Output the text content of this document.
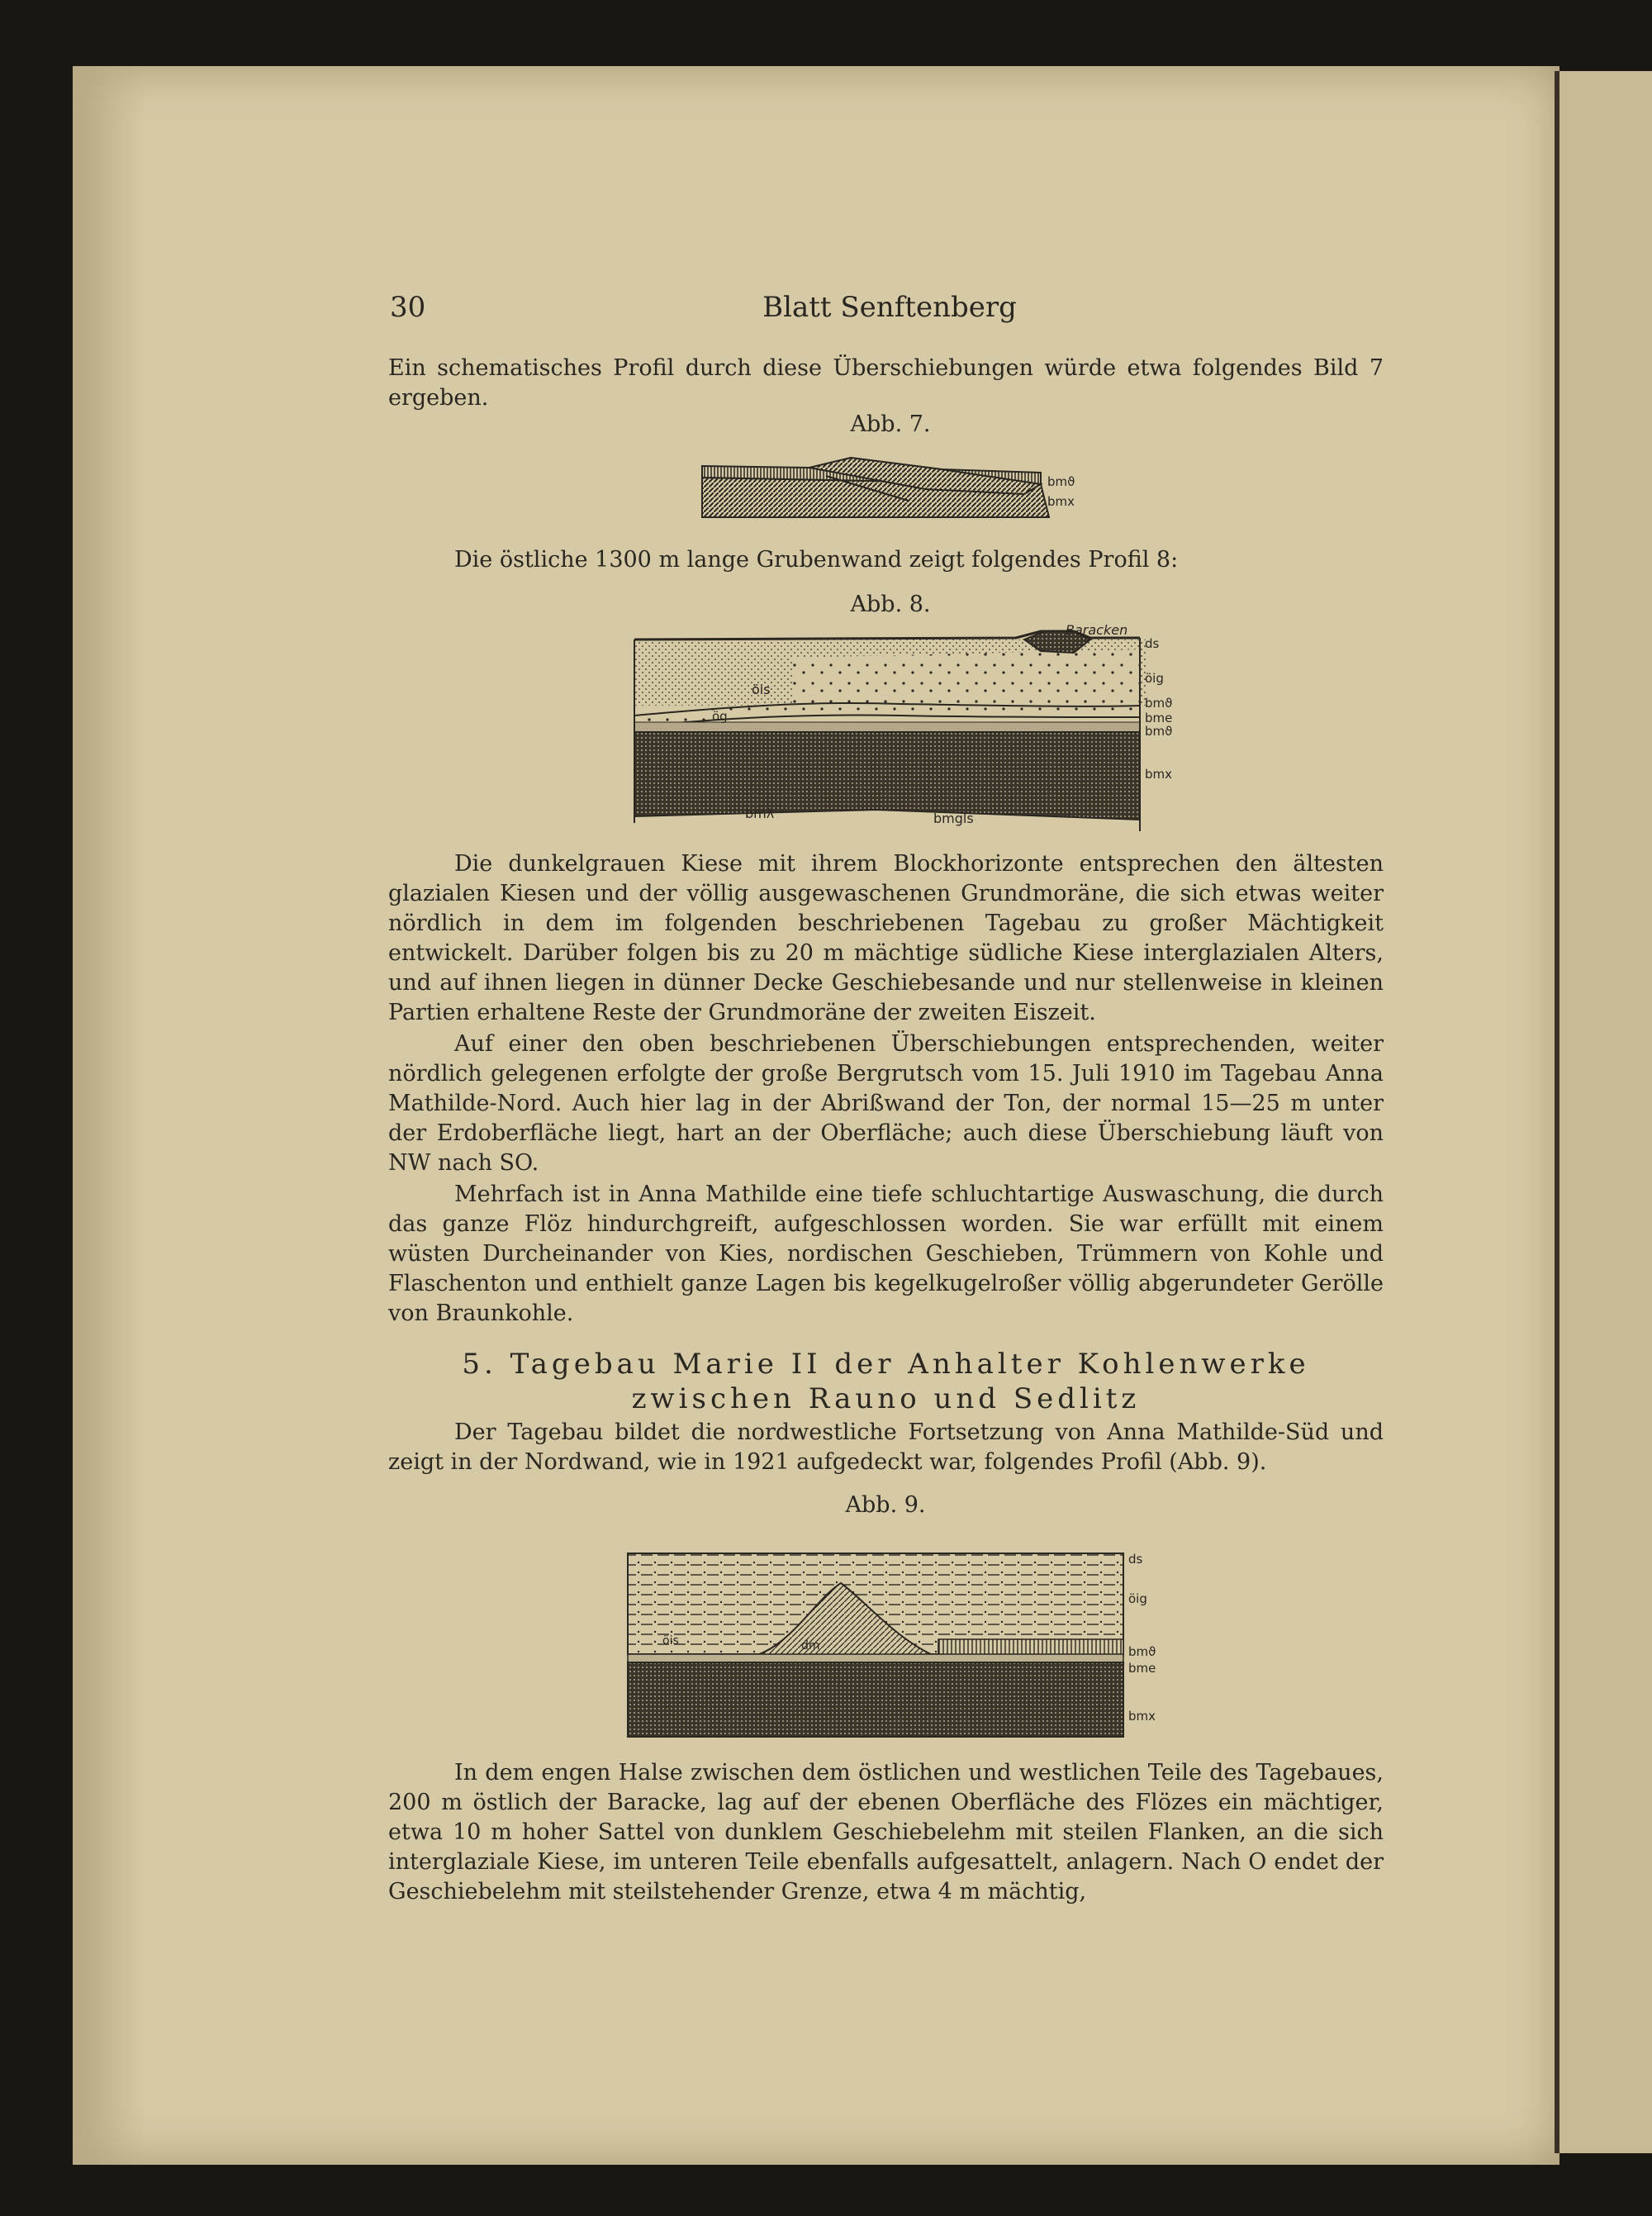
30	Blatt Senftenberg

Ein schematisches Profil durch diese Überschiebungen würde etwa folgendes Bild 7 ergeben.

Abb. 7.
bmϑ
bmx

Die östliche 1300 m lange Grubenwand zeigt folgendes Profil 8:

Abb. 8.
Baracken
ds
öig
öis
ög
bmϑ
bme
bmϑ
bmx
bmλ	bmgls

Die dunkelgrauen Kiese mit ihrem Blockhorizonte entsprechen den ältesten glazialen Kiesen und der völlig ausgewaschenen Grundmoräne, die sich etwas weiter nördlich in dem im folgenden beschriebenen Tagebau zu großer Mächtigkeit entwickelt. Darüber folgen bis zu 20 m mächtige südliche Kiese interglazialen Alters, und auf ihnen liegen in dünner Decke Geschiebesande und nur stellenweise in kleinen Partien erhaltene Reste der Grundmoräne der zweiten Eiszeit.

Auf einer den oben beschriebenen Überschiebungen entsprechenden, weiter nördlich gelegenen erfolgte der große Bergrutsch vom 15. Juli 1910 im Tagebau Anna Mathilde-Nord. Auch hier lag in der Abrißwand der Ton, der normal 15—25 m unter der Erdoberfläche liegt, hart an der Oberfläche; auch diese Überschiebung läuft von NW nach SO.

Mehrfach ist in Anna Mathilde eine tiefe schluchtartige Auswaschung, die durch das ganze Flöz hindurchgreift, aufgeschlossen worden. Sie war erfüllt mit einem wüsten Durcheinander von Kies, nordischen Geschieben, Trümmern von Kohle und Flaschenton und enthielt ganze Lagen bis kegelkugelroßer völlig abgerundeter Gerölle von Braunkohle.

5. Tagebau Marie II der Anhalter Kohlenwerke
zwischen Rauno und Sedlitz

Der Tagebau bildet die nordwestliche Fortsetzung von Anna Mathilde-Süd und zeigt in der Nordwand, wie in 1921 aufgedeckt war, folgendes Profil (Abb. 9).

Abb. 9.
ds
öig
öis	dm	bmϑ
bme
bmx

In dem engen Halse zwischen dem östlichen und westlichen Teile des Tagebaues, 200 m östlich der Baracke, lag auf der ebenen Oberfläche des Flözes ein mächtiger, etwa 10 m hoher Sattel von dunklem Geschiebelehm mit steilen Flanken, an die sich interglaziale Kiese, im unteren Teile ebenfalls aufgesattelt, anlagern. Nach O endet der Geschiebelehm mit steilstehender Grenze, etwa 4 m mächtig,
